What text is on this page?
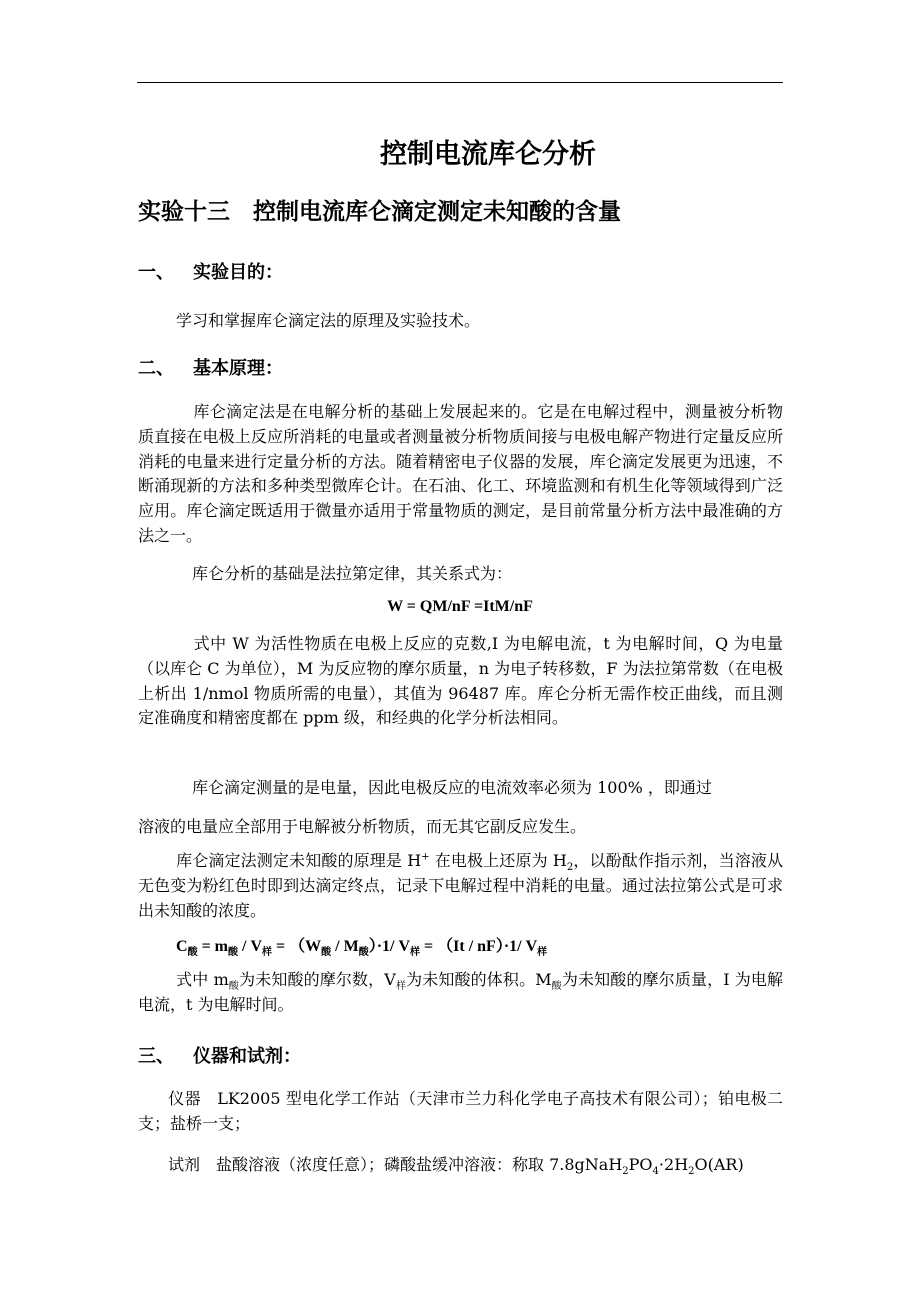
控制电流库仑分析
实验十三　控制电流库仑滴定测定未知酸的含量
一、 实验目的：
学习和掌握库仑滴定法的原理及实验技术。
二、 基本原理：
库仑滴定法是在电解分析的基础上发展起来的。它是在电解过程中，测量被分析物质直接在电极上反应所消耗的电量或者测量被分析物质间接与电极电解产物进行定量反应所消耗的电量来进行定量分析的方法。随着精密电子仪器的发展，库仑滴定发展更为迅速，不断涌现新的方法和多种类型微库仑计。在石油、化工、环境监测和有机生化等领域得到广泛应用。库仑滴定既适用于微量亦适用于常量物质的测定，是目前常量分析方法中最准确的方法之一。
库仑分析的基础是法拉第定律，其关系式为：
W = QM/nF =ItM/nF
式中 W 为活性物质在电极上反应的克数,I 为电解电流，t 为电解时间，Q 为电量（以库仑 C 为单位），M 为反应物的摩尔质量，n 为电子转移数，F 为法拉第常数（在电极上析出 1/nmol 物质所需的电量），其值为 96487 库。库仑分析无需作校正曲线，而且测定准确度和精密度都在 ppm 级，和经典的化学分析法相同。
库仑滴定测量的是电量，因此电极反应的电流效率必须为 100% ，即通过
溶液的电量应全部用于电解被分析物质，而无其它副反应发生。
库仑滴定法测定未知酸的原理是 H+ 在电极上还原为 $H_2$，以酚酞作指示剂，当溶液从无色变为粉红色时即到达滴定终点，记录下电解过程中消耗的电量。通过法拉第公式是可求出未知酸的浓度。
$C_酸 = m_酸 / V_样 = (W_酸 / M_酸)\cdot 1/$ $V_样 = (It / nF)\cdot 1/$ $V_样$
式中 $m_酸$为未知酸的摩尔数，$V_样$为未知酸的体积。$M_酸$为未知酸的摩尔质量，I 为电解电流，t 为电解时间。
三、 仪器和试剂：
仪器　LK2005 型电化学工作站（天津市兰力科化学电子高技术有限公司）；铂电极二支；盐桥一支；
试剂　盐酸溶液（浓度任意）；磷酸盐缓冲溶液：称取 $7.8gNaH_2PO_4\cdot 2H_2O(AR)$
